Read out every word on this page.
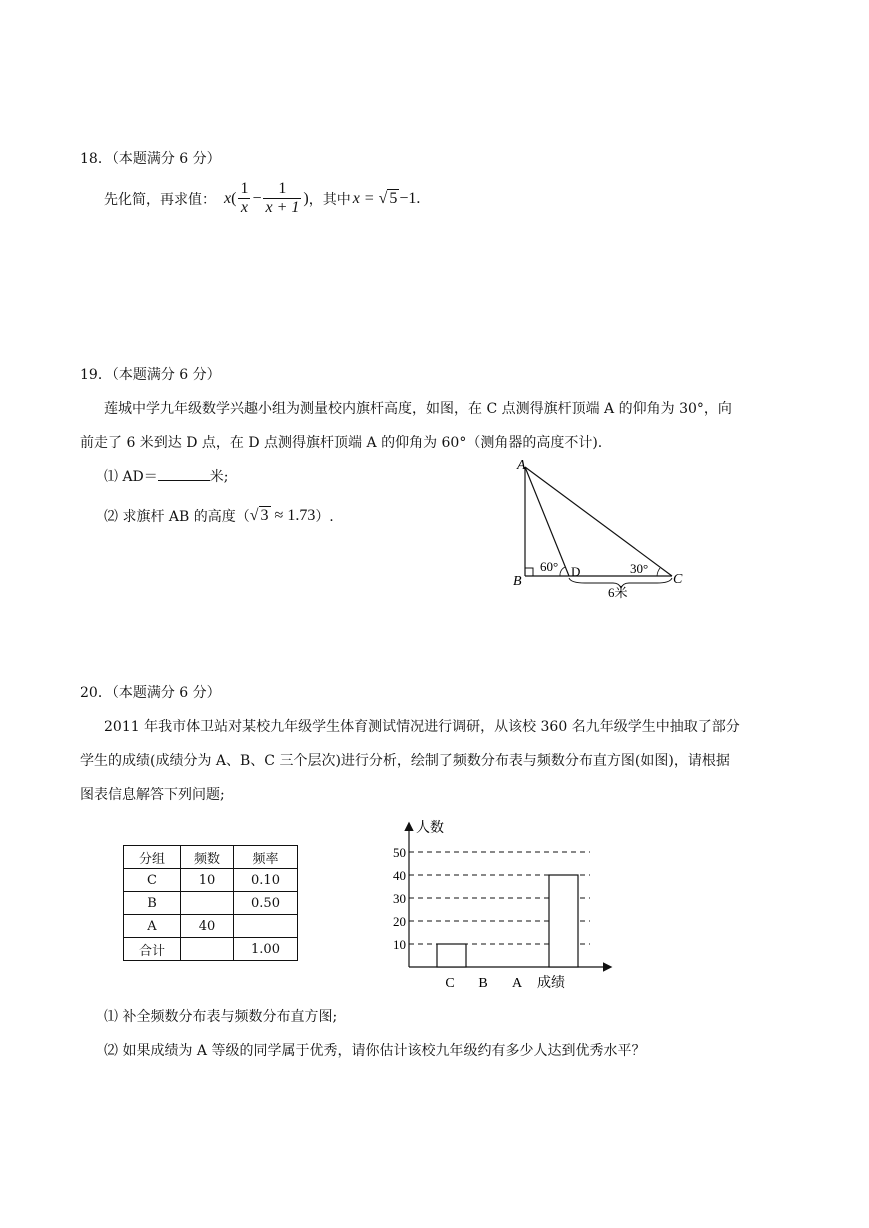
18．（本题满分 6 分）
先化简，再求值： x ( $\frac{1}{x} - \frac{1}{x + 1}$ ) ，其中 x = √ 5 −1.
19．（本题满分 6 分）
莲城中学九年级数学兴趣小组为测量校内旗杆高度，如图，在 C 点测得旗杆顶端 A 的仰角为 30°，向
前走了 6 米到达 D 点，在 D 点测得旗杆顶端 A 的仰角为 60°（测角器的高度不计).
⑴ AD＝	米;
⑵ 求旗杆 AB 的高度（ √ 3 ≈ 1.73 ）.
A
B	C
D
60°	30°
6米
20．（本题满分 6 分）
2011 年我市体卫站对某校九年级学生体育测试情况进行调研，从该校 360 名九年级学生中抽取了部分
学生的成绩(成绩分为 A、B、C 三个层次)进行分析，绘制了频数分布表与频数分布直方图(如图)，请根据
图表信息解答下列问题;
分组	频数	频率
C	10	0.10
B		0.50
A	40	
合计		1.00
人数
成绩
10
20
30
40
50
C B A
⑴ 补全频数分布表与频数分布直方图;
⑵ 如果成绩为 A 等级的同学属于优秀，请你估计该校九年级约有多少人达到优秀水平？
